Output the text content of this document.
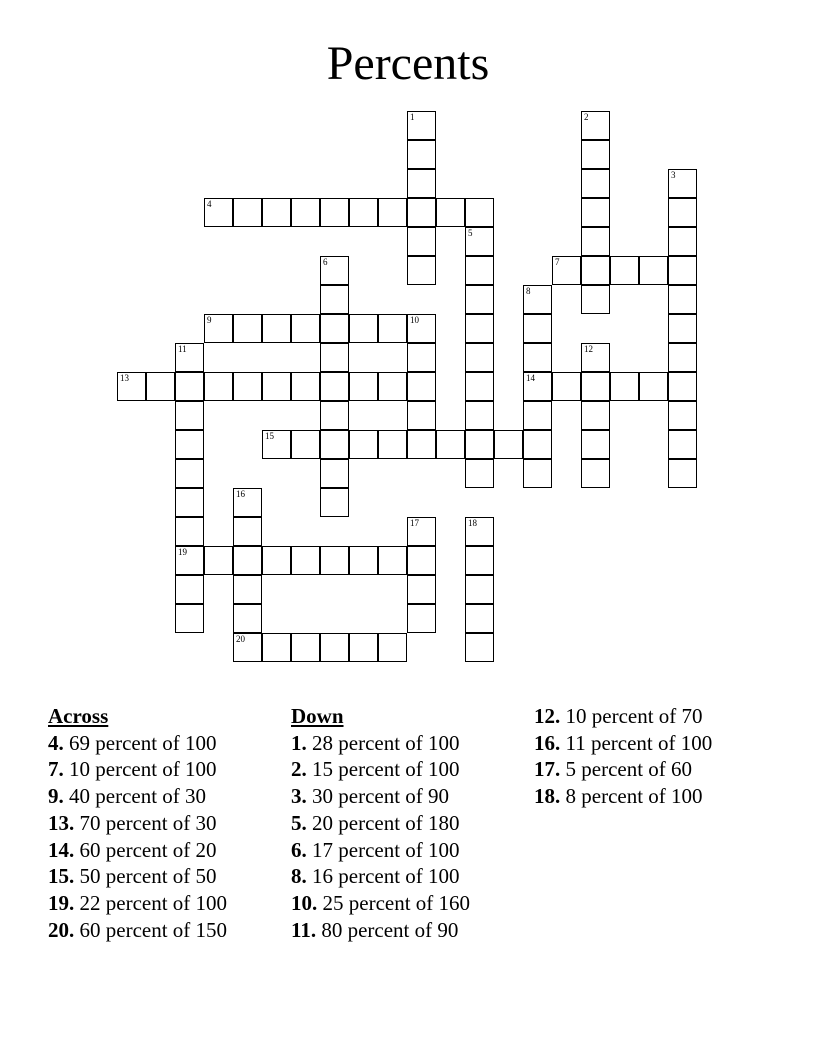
Percents
1	2
3
4
5
6	7
8
14
9	10
11
19
12
13
15
16
20
17	18
Across
4. 69 percent of 100
7. 10 percent of 100
9. 40 percent of 30
13. 70 percent of 30
14. 60 percent of 20
15. 50 percent of 50
19. 22 percent of 100
20. 60 percent of 150
Down
1. 28 percent of 100
2. 15 percent of 100
3. 30 percent of 90
5. 20 percent of 180
6. 17 percent of 100
8. 16 percent of 100
10. 25 percent of 160
11. 80 percent of 90
12. 10 percent of 70
16. 11 percent of 100
17. 5 percent of 60
18. 8 percent of 100
